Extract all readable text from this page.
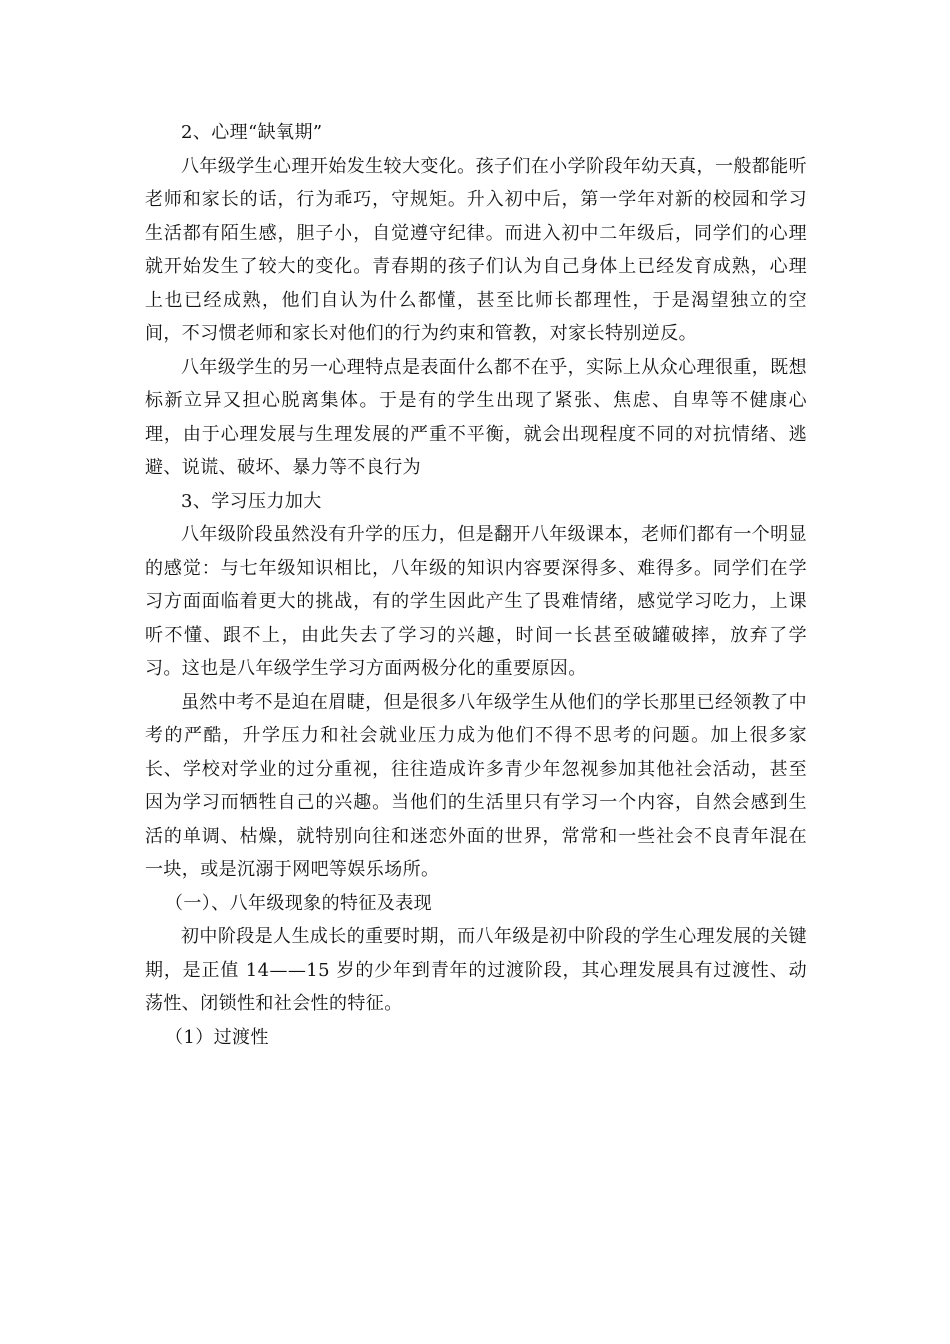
2、心理“缺氧期”

八年级学生心理开始发生较大变化。孩子们在小学阶段年幼天真，一般都能听老师和家长的话，行为乖巧，守规矩。升入初中后，第一学年对新的校园和学习生活都有陌生感，胆子小，自觉遵守纪律。而进入初中二年级后，同学们的心理就开始发生了较大的变化。青春期的孩子们认为自己身体上已经发育成熟，心理上也已经成熟，他们自认为什么都懂，甚至比师长都理性，于是渴望独立的空间，不习惯老师和家长对他们的行为约束和管教，对家长特别逆反。

八年级学生的另一心理特点是表面什么都不在乎，实际上从众心理很重，既想标新立异又担心脱离集体。于是有的学生出现了紧张、焦虑、自卑等不健康心理，由于心理发展与生理发展的严重不平衡，就会出现程度不同的对抗情绪、逃避、说谎、破坏、暴力等不良行为

3、学习压力加大

八年级阶段虽然没有升学的压力，但是翻开八年级课本，老师们都有一个明显的感觉：与七年级知识相比，八年级的知识内容要深得多、难得多。同学们在学习方面面临着更大的挑战，有的学生因此产生了畏难情绪，感觉学习吃力，上课听不懂、跟不上，由此失去了学习的兴趣，时间一长甚至破罐破摔，放弃了学习。这也是八年级学生学习方面两极分化的重要原因。

虽然中考不是迫在眉睫，但是很多八年级学生从他们的学长那里已经领教了中考的严酷，升学压力和社会就业压力成为他们不得不思考的问题。加上很多家长、学校对学业的过分重视，往往造成许多青少年忽视参加其他社会活动，甚至因为学习而牺牲自己的兴趣。当他们的生活里只有学习一个内容，自然会感到生活的单调、枯燥，就特别向往和迷恋外面的世界，常常和一些社会不良青年混在一块，或是沉溺于网吧等娱乐场所。

（一）、八年级现象的特征及表现

初中阶段是人生成长的重要时期，而八年级是初中阶段的学生心理发展的关键期，是正值 14——15 岁的少年到青年的过渡阶段，其心理发展具有过渡性、动荡性、闭锁性和社会性的特征。

（1）过渡性
